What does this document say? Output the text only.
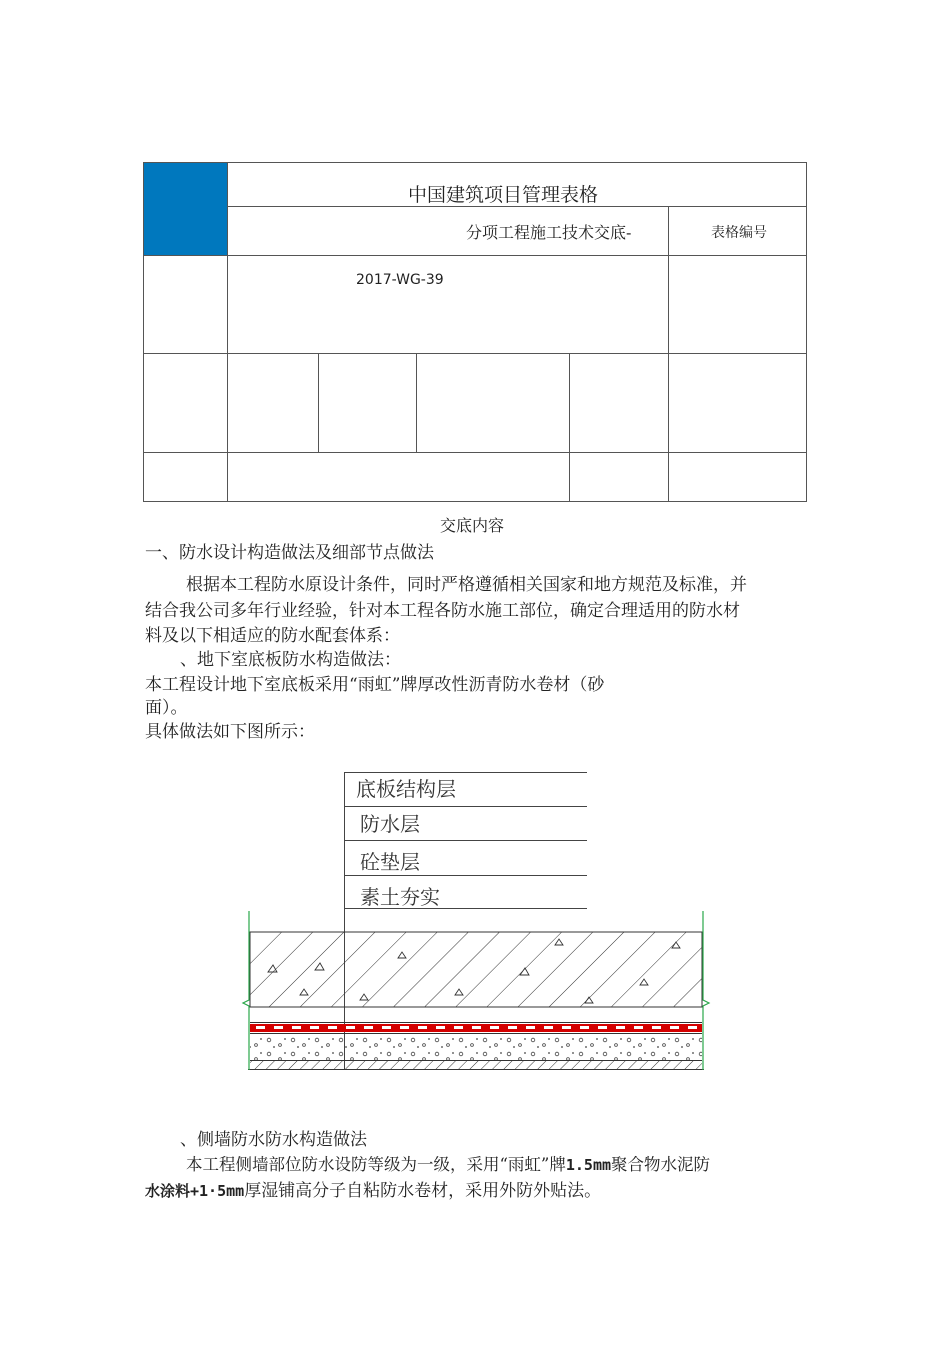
中国建筑项目管理表格
分项工程施工技术交底-	表格编号
2017-WG-39
交底内容
一、防水设计构造做法及细部节点做法
根据本工程防水原设计条件，同时严格遵循相关国家和地方规范及标准，并
结合我公司多年行业经验，针对本工程各防水施工部位，确定合理适用的防水材
料及以下相适应的防水配套体系：
、地下室底板防水构造做法：
本工程设计地下室底板采用“雨虹”牌厚改性沥青防水卷材（砂
面）。
具体做法如下图所示：
底板结构层
防水层
砼垫层
素土夯实
、侧墙防水防水构造做法
本工程侧墙部位防水设防等级为一级，采用“雨虹”牌1.5mm聚合物水泥防
水涂料+1·5mm厚湿铺高分子自粘防水卷材，采用外防外贴法。
